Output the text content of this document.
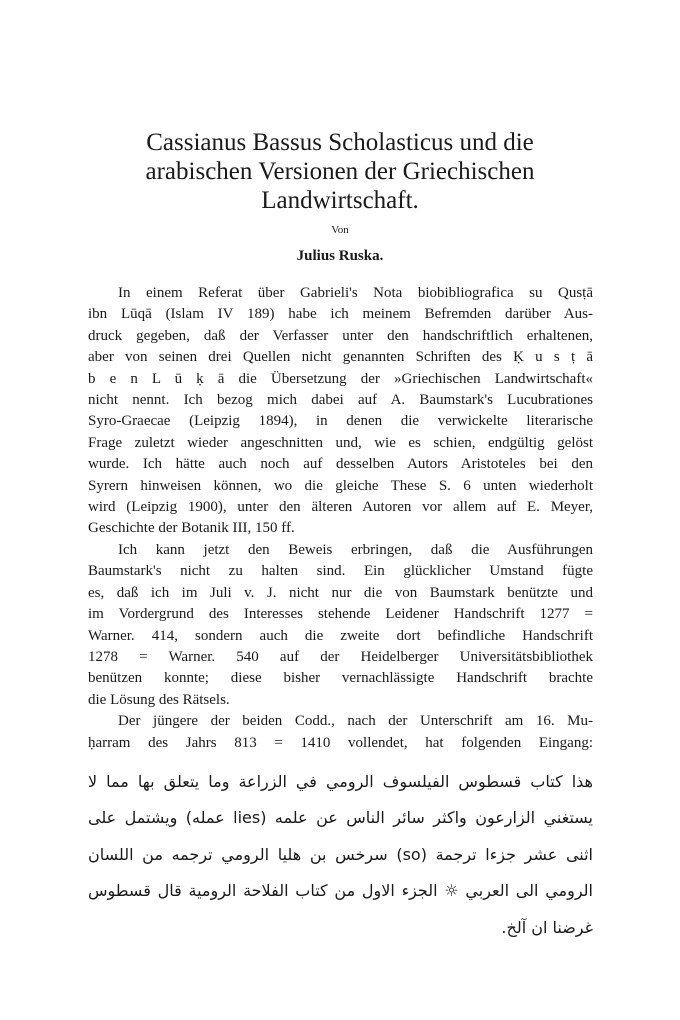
Cassianus Bassus Scholasticus und die
arabischen Versionen der Griechischen
Landwirtschaft.
Von
Julius Ruska.
In einem Referat über Gabrieli's Nota biobibliografica su Qusṭā
ibn Lūqā (Islam IV 189) habe ich meinem Befremden darüber Aus-
druck gegeben, daß der Verfasser unter den handschriftlich erhaltenen,
aber von seinen drei Quellen nicht genannten Schriften des Ḳ u s ṭ ā
b e n L ū ḳ ā die Übersetzung der »Griechischen Landwirtschaft«
nicht nennt. Ich bezog mich dabei auf A. Baumstark's Lucubrationes
Syro-Graecae (Leipzig 1894), in denen die verwickelte literarische
Frage zuletzt wieder angeschnitten und, wie es schien, endgültig gelöst
wurde. Ich hätte auch noch auf desselben Autors Aristoteles bei den
Syrern hinweisen können, wo die gleiche These S. 6 unten wiederholt
wird (Leipzig 1900), unter den älteren Autoren vor allem auf E. Meyer,
Geschichte der Botanik III, 150 ff.
Ich kann jetzt den Beweis erbringen, daß die Ausführungen
Baumstark's nicht zu halten sind. Ein glücklicher Umstand fügte
es, daß ich im Juli v. J. nicht nur die von Baumstark benützte und
im Vordergrund des Interesses stehende Leidener Handschrift 1277 =
Warner. 414, sondern auch die zweite dort befindliche Handschrift
1278 = Warner. 540 auf der Heidelberger Universitätsbibliothek
benützen konnte; diese bisher vernachlässigte Handschrift brachte
die Lösung des Rätsels.
Der jüngere der beiden Codd., nach der Unterschrift am 16. Mu-
ḥarram des Jahrs 813 = 1410 vollendet, hat folgenden Eingang:
هذا كتاب قسطوس الفيلسوف الرومي في الزراعة وما يتعلق بها مما لا
يستغني الزارعون واكثر سائر الناس عن علمه (lies عمله) ويشتمل على
اثنى عشر جزءا ترجمة (so) سرخس بن هليا الرومي ترجمه من اللسان
الرومي الى العربي ☼ الجزء الاول من كتاب الفلاحة الرومية قال قسطوس
غرضنا ان آلخ.
